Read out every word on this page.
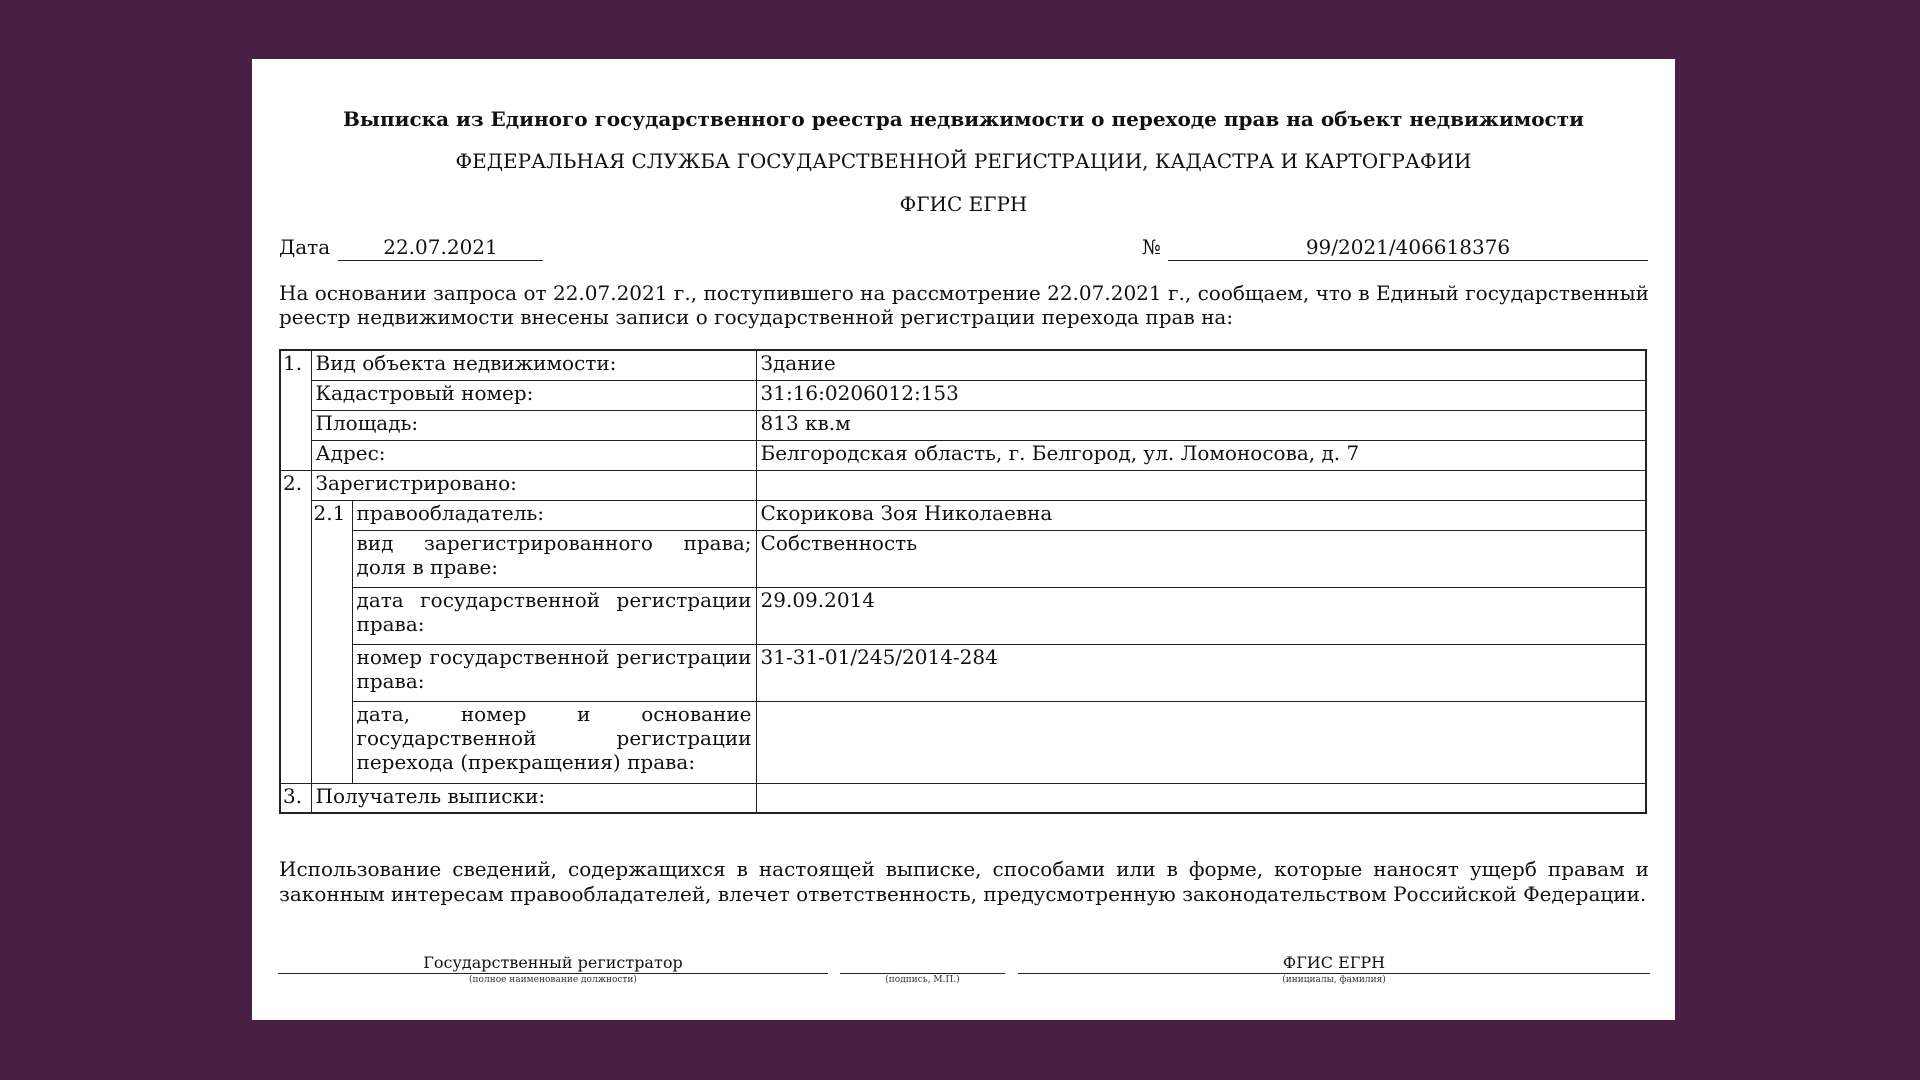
Выписка из Единого государственного реестра недвижимости о переходе прав на объект недвижимости
ФЕДЕРАЛЬНАЯ СЛУЖБА ГОСУДАРСТВЕННОЙ РЕГИСТРАЦИИ, КАДАСТРА И КАРТОГРАФИИ
ФГИС ЕГРН
Дата	22.07.2021	№	99/2021/406618376
На основании запроса от 22.07.2021 г., поступившего на рассмотрение 22.07.2021 г., сообщаем, что в Единый государственный реестр недвижимости внесены записи о государственной регистрации перехода прав на:
1.	Вид объекта недвижимости:		Здание
	Кадастровый номер:		31:16:0206012:153
	Площадь:		813 кв.м
	Адрес:		Белгородская область, г. Белгород, ул. Ломоносова, д. 7
2.	Зарегистрировано:		
	2.1	правообладатель:	Скорикова Зоя Николаевна
		вид зарегистрированного права; доля в праве:	Собственность
		дата государственной регистрации права:	29.09.2014
		номер государственной регистрации права:	31-31-01/245/2014-284
		дата, номер и основание государственной регистрации перехода (прекращения) права:	
3.	Получатель выписки:		
Использование сведений, содержащихся в настоящей выписке, способами или в форме, которые наносят ущерб правам и законным интересам правообладателей, влечет ответственность, предусмотренную законодательством Российской Федерации.
Государственный регистратор
(полное наименование должности)	(подпись, М.П.)
ФГИС ЕГРН
(инициалы, фамилия)
